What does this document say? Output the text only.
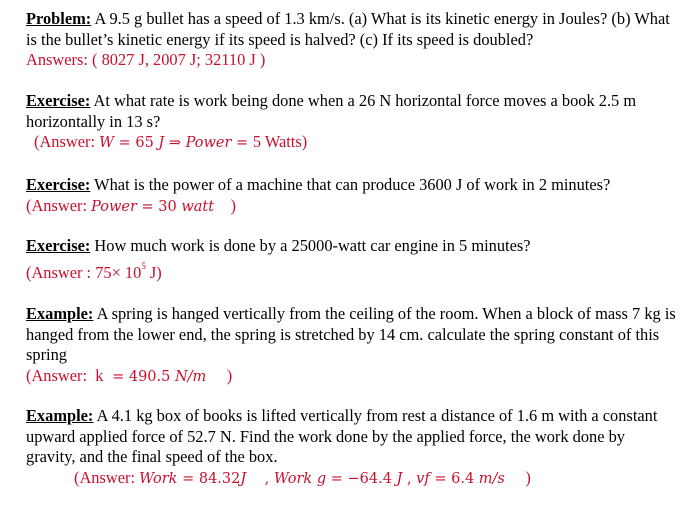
Problem: A 9.5 g bullet has a speed of 1.3 km/s. (a) What is its kinetic energy in Joules? (b) What is the bullet’s kinetic energy if its speed is halved? (c) If its speed is doubled?
Answers: ( 8027 J, 2007 J; 32110 J )
Exercise: At what rate is work being done when a 26 N horizontal force moves a book 2.5 m horizontally in 13 s?
(Answer: W = 65 J ⇒ Power = 5 Watts)
Exercise: What is the power of a machine that can produce 3600 J of work in 2 minutes?
(Answer: Power = 30 watt    )
Exercise: How much work is done by a 25000-watt car engine in 5 minutes?
(Answer : $75\times 10^5$ J)
Example: A spring is hanged vertically from the ceiling of the room. When a block of mass 7 kg is hanged from the lower end, the spring is stretched by 14 cm. calculate the spring constant of this spring
(Answer:  k  = 490.5 N/m     )
Example: A 4.1 kg box of books is lifted vertically from rest a distance of 1.6 m with a constant upward applied force of 52.7 N. Find the work done by the applied force, the work done by gravity, and the final speed of the box.
(Answer: Work = 84.32J    , Work g = −64.4 J , vf = 6.4 m/s     )
